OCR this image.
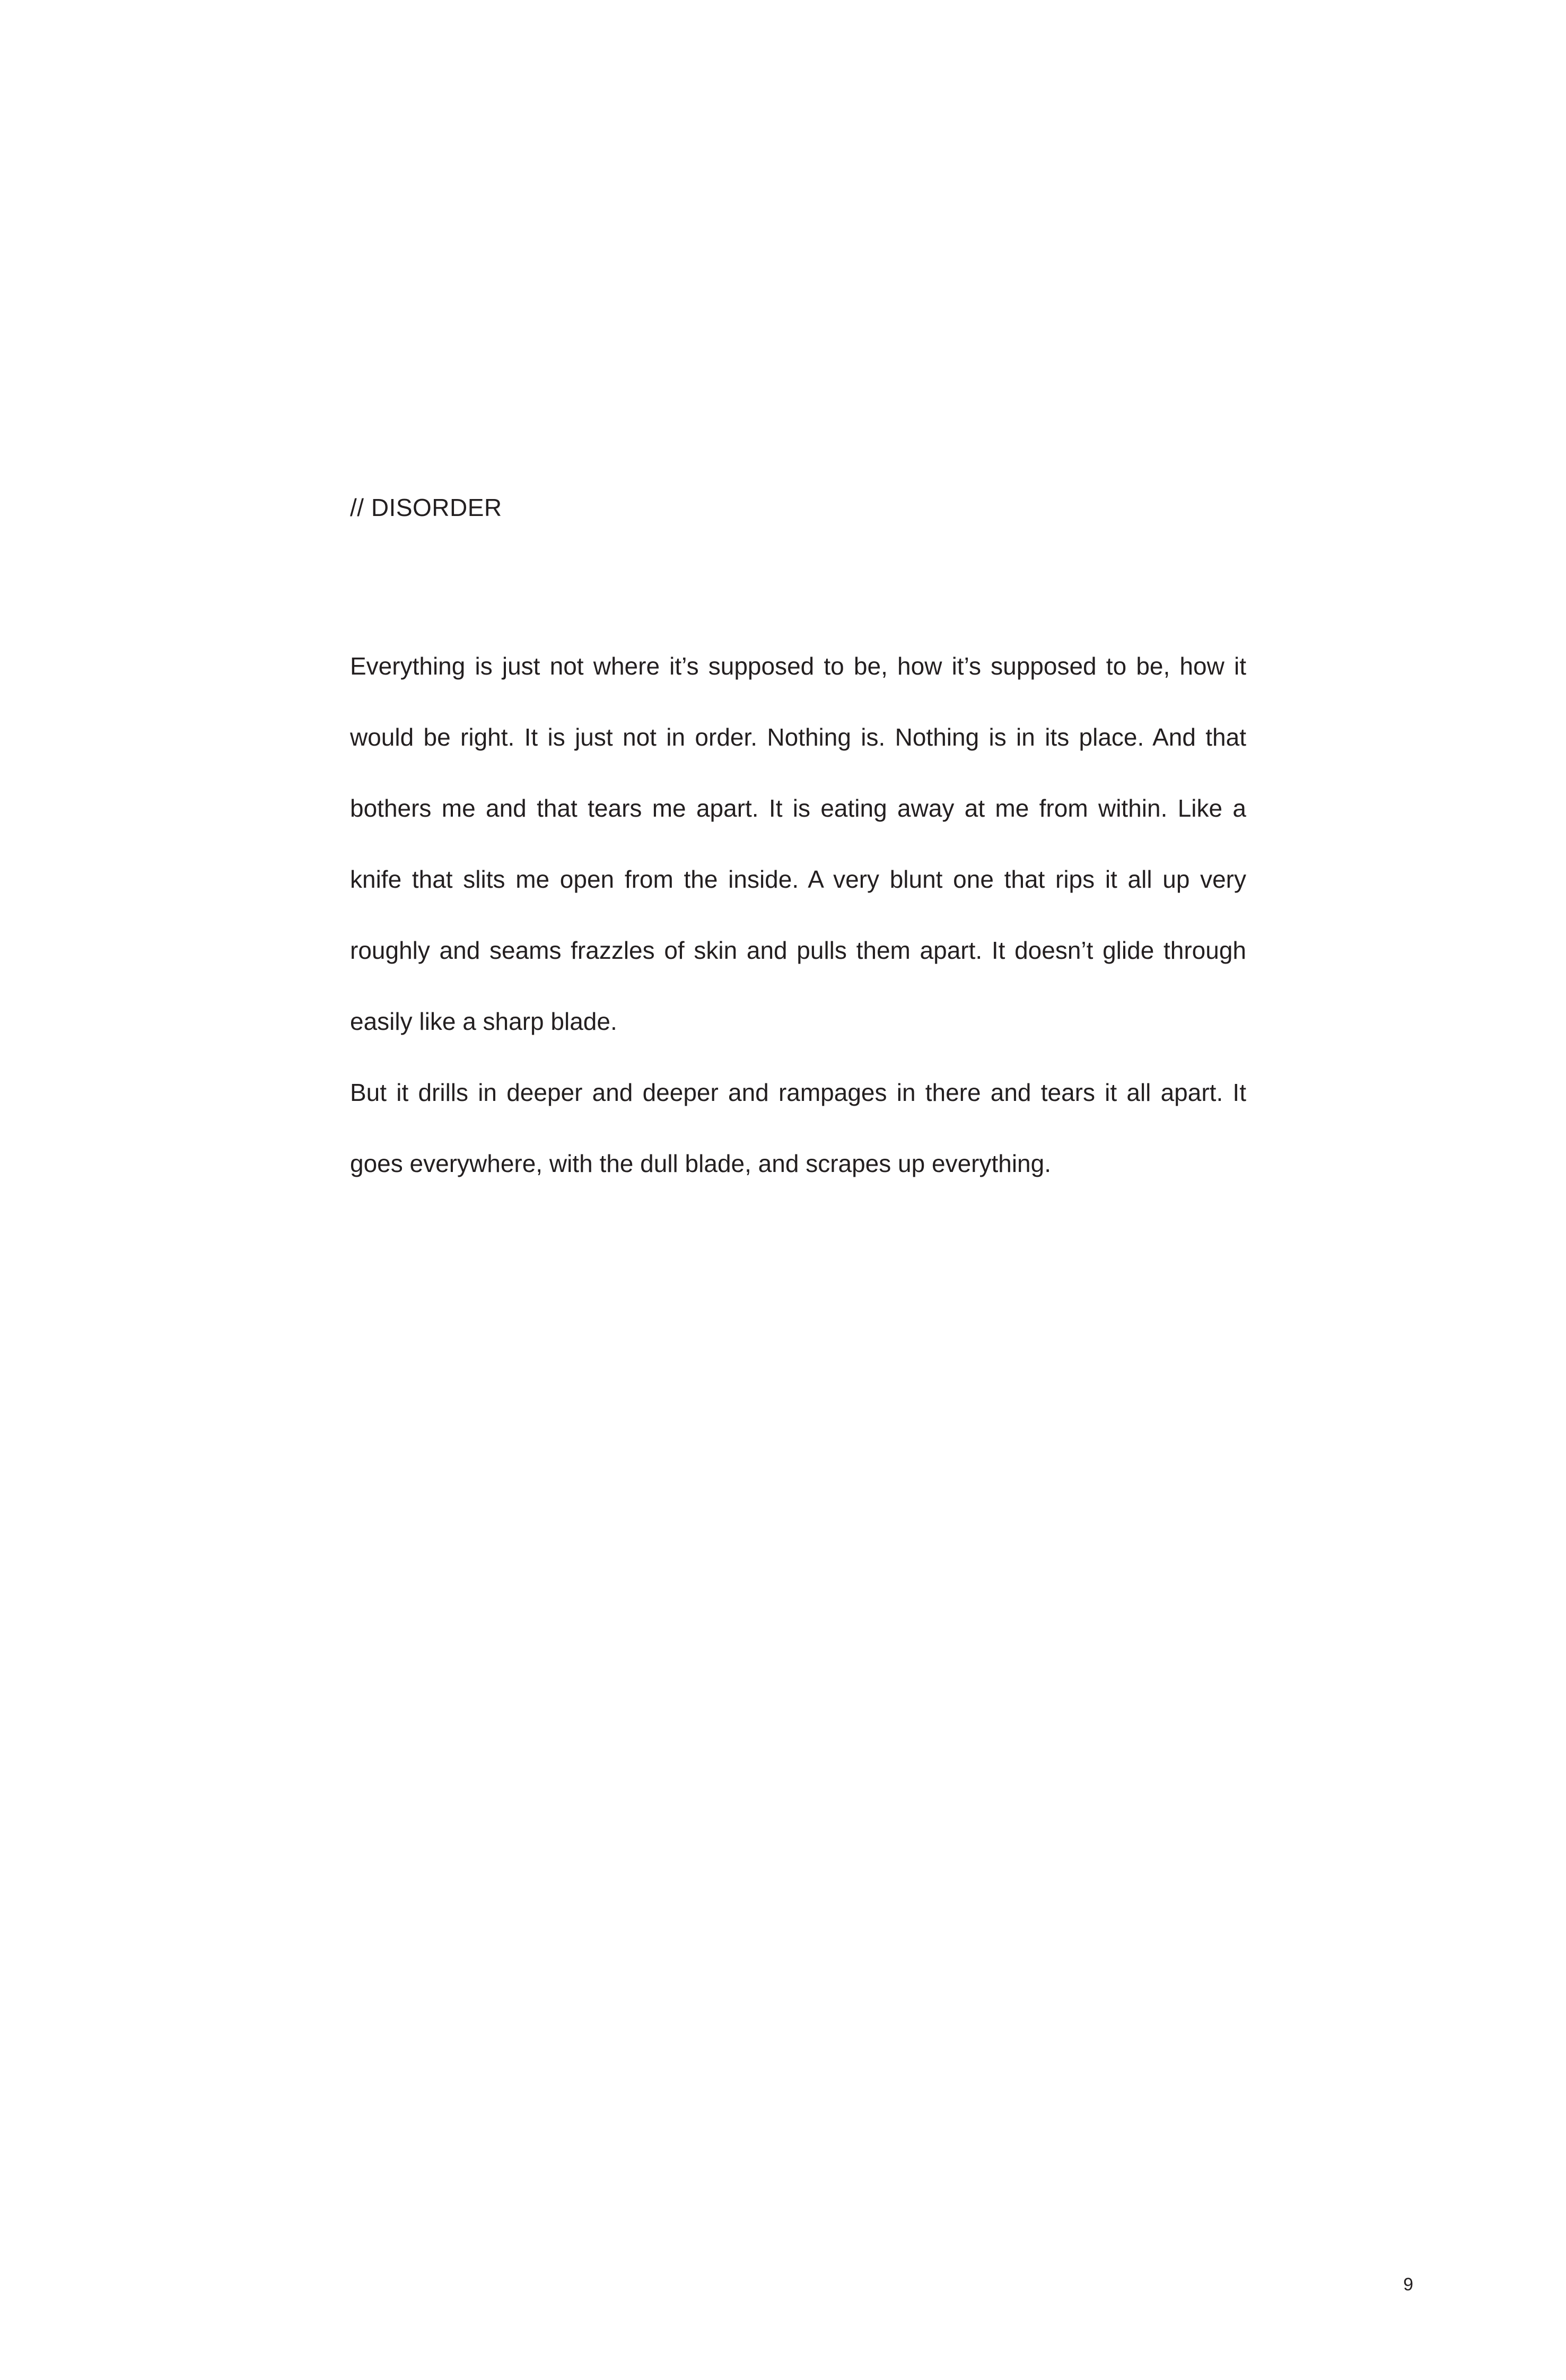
// DISORDER

Everything is just not where it’s supposed to be, how it’s supposed to be, how it would be right. It is just not in order. Nothing is. Nothing is in its place. And that bothers me and that tears me apart. It is eating away at me from within. Like a knife that slits me open from the inside. A very blunt one that rips it all up very roughly and seams frazzles of skin and pulls them apart. It doesn’t glide through easily like a sharp blade.

But it drills in deeper and deeper and rampages in there and tears it all apart. It goes everywhere, with the dull blade, and scrapes up everything.

9
